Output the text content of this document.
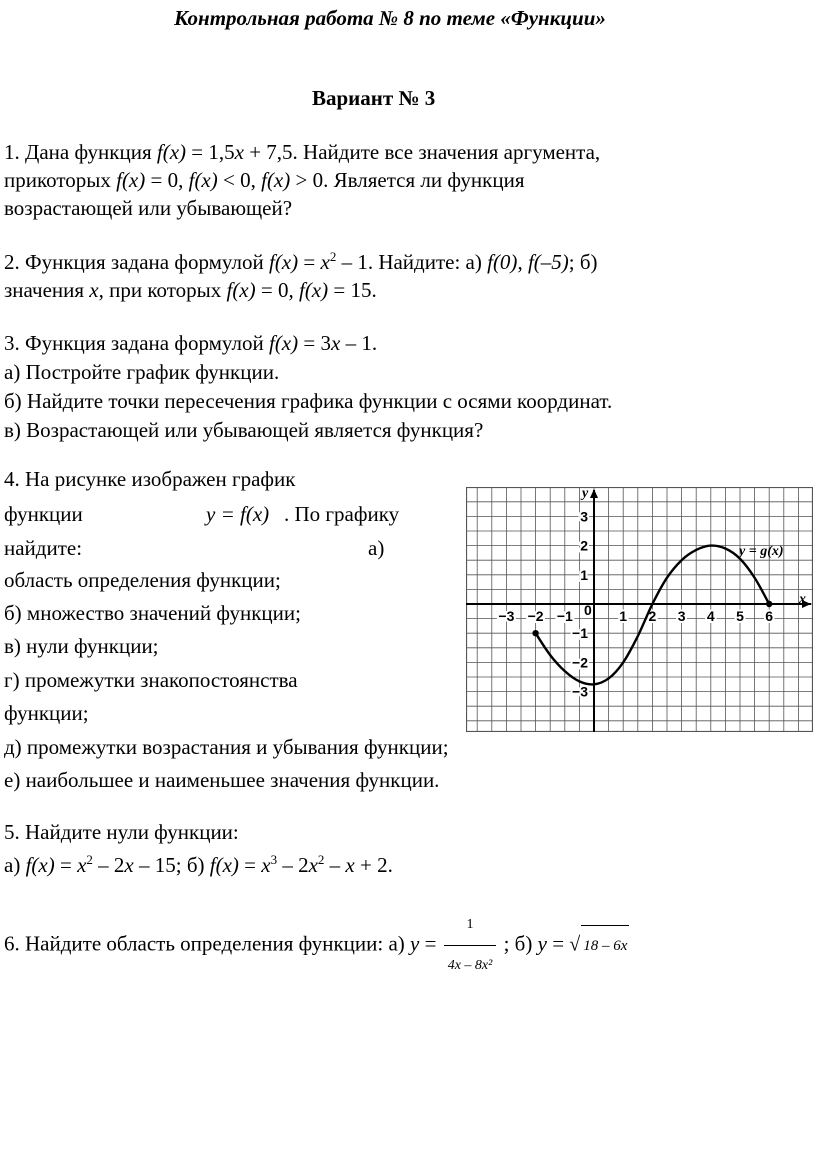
Контрольная работа № 8 по теме «Функции»
Вариант № 3
1. Дана функция f(x) = 1,5x + 7,5. Найдите все значения аргумента,
прикоторых f(x) = 0, f(x) < 0, f(x) > 0. Является ли функция
возрастающей или убывающей?
2. Функция задана формулой $f(x) = x^2 - 1$. Найдите: а) f(0), f(–5); б)
значения x, при которых f(x) = 0, f(x) = 15.
3. Функция задана формулой f(x) = 3x – 1.
а) Постройте график функции.
б) Найдите точки пересечения графика функции с осями координат.
в) Возрастающей или убывающей является функция?
4. На рисунке изображен график
функции	y = f(x) . По графику
найдите:	а)
область определения функции;
б) множество значений функции;
в) нули функции;
г) промежутки знакопостоянства
функции;
д) промежутки возрастания и убывания функции;
е) наибольшее и наименьшее значения функции.
−3 −2 −1	1 2 3 4 5 6
3
2
1
−1
−2
−3
y = g(x)
x
y
0
5. Найдите нули функции:
а) $f(x) = x^2 - 2x - 15$; б) $f(x) = x^3 - 2x^2 - x + 2$.
6. Найдите область определения функции: а) $y = \frac{1}{\text{4x – 8x²}}$ ; б) y = √ 18 – 6x
